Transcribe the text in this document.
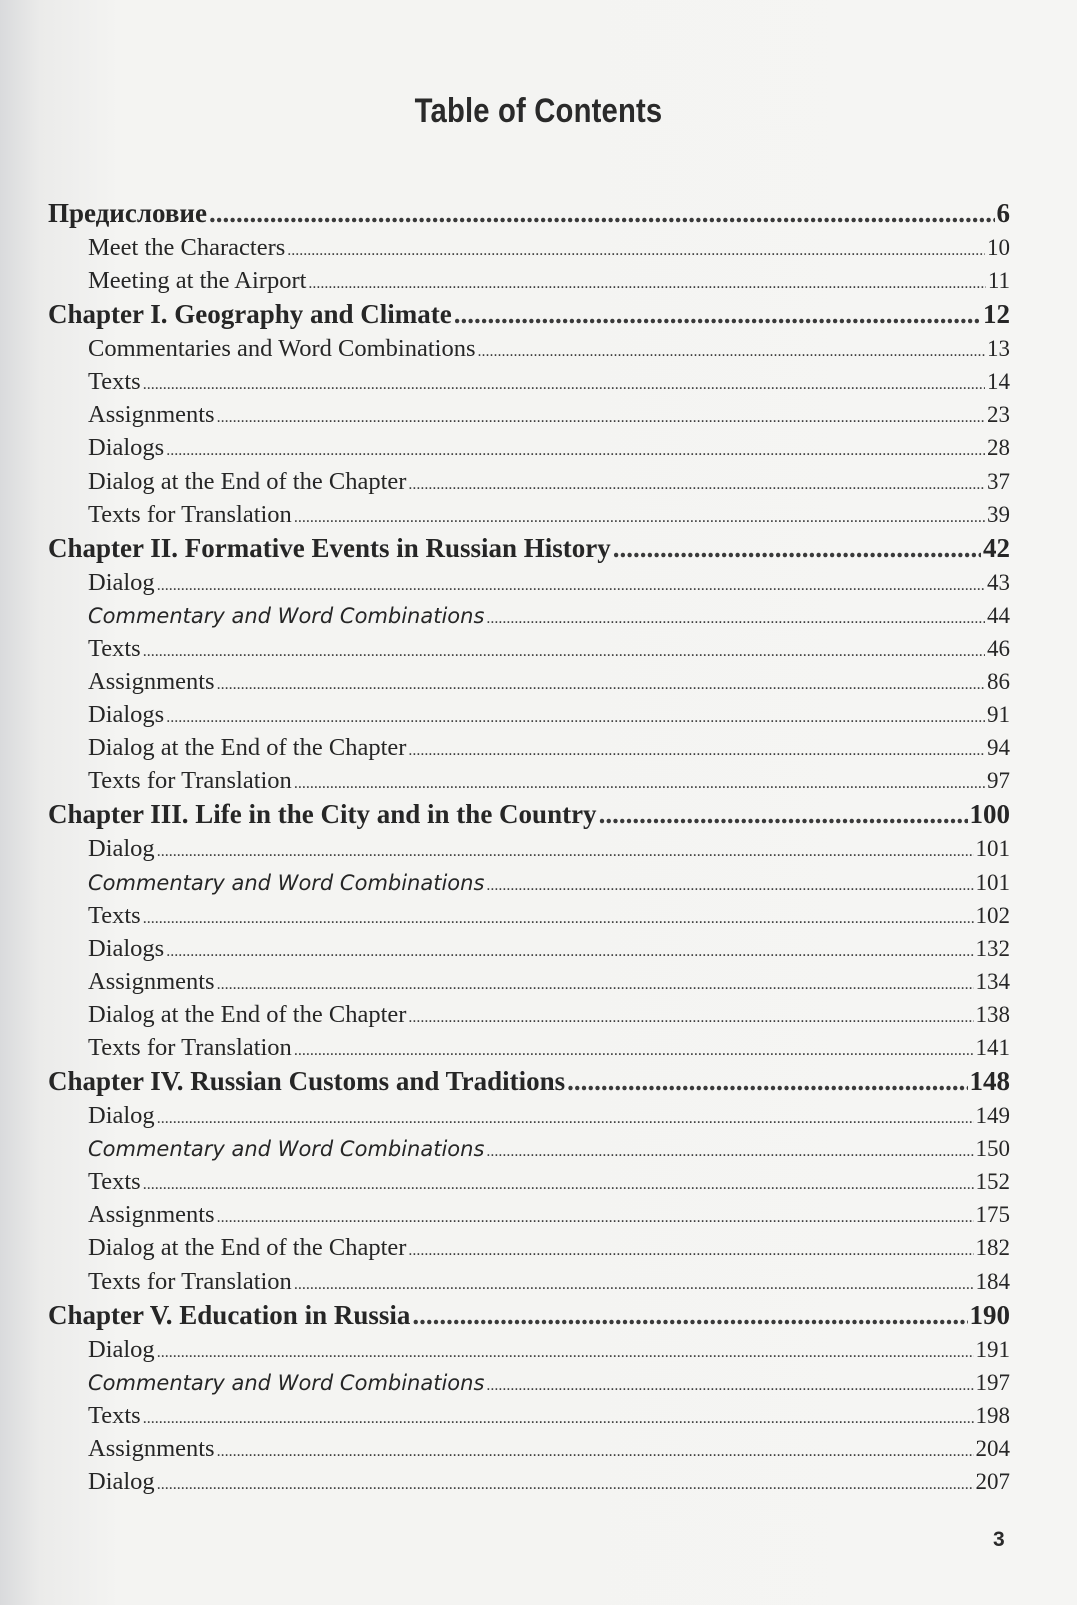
Table of Contents
Предисловие .....	6
Meet the Characters .....	10
Meeting at the Airport .....	11
Chapter I. Geography and Climate .....	12
Commentaries and Word Combinations .....	13
Texts .....	14
Assignments .....	23
Dialogs .....	28
Dialog at the End of the Chapter .....	37
Texts for Translation .....	39
Chapter II. Formative Events in Russian History .....	42
Dialog .....	43
Commentary and Word Combinations .....	44
Texts .....	46
Assignments .....	86
Dialogs .....	91
Dialog at the End of the Chapter .....	94
Texts for Translation .....	97
Chapter III. Life in the City and in the Country .....	100
Dialog .....	101
Commentary and Word Combinations .....	101
Texts .....	102
Dialogs .....	132
Assignments .....	134
Dialog at the End of the Chapter .....	138
Texts for Translation .....	141
Chapter IV. Russian Customs and Traditions .....	148
Dialog .....	149
Commentary and Word Combinations .....	150
Texts .....	152
Assignments .....	175
Dialog at the End of the Chapter .....	182
Texts for Translation .....	184
Chapter V. Education in Russia .....	190
Dialog .....	191
Commentary and Word Combinations .....	197
Texts .....	198
Assignments .....	204
Dialog .....	207
3
